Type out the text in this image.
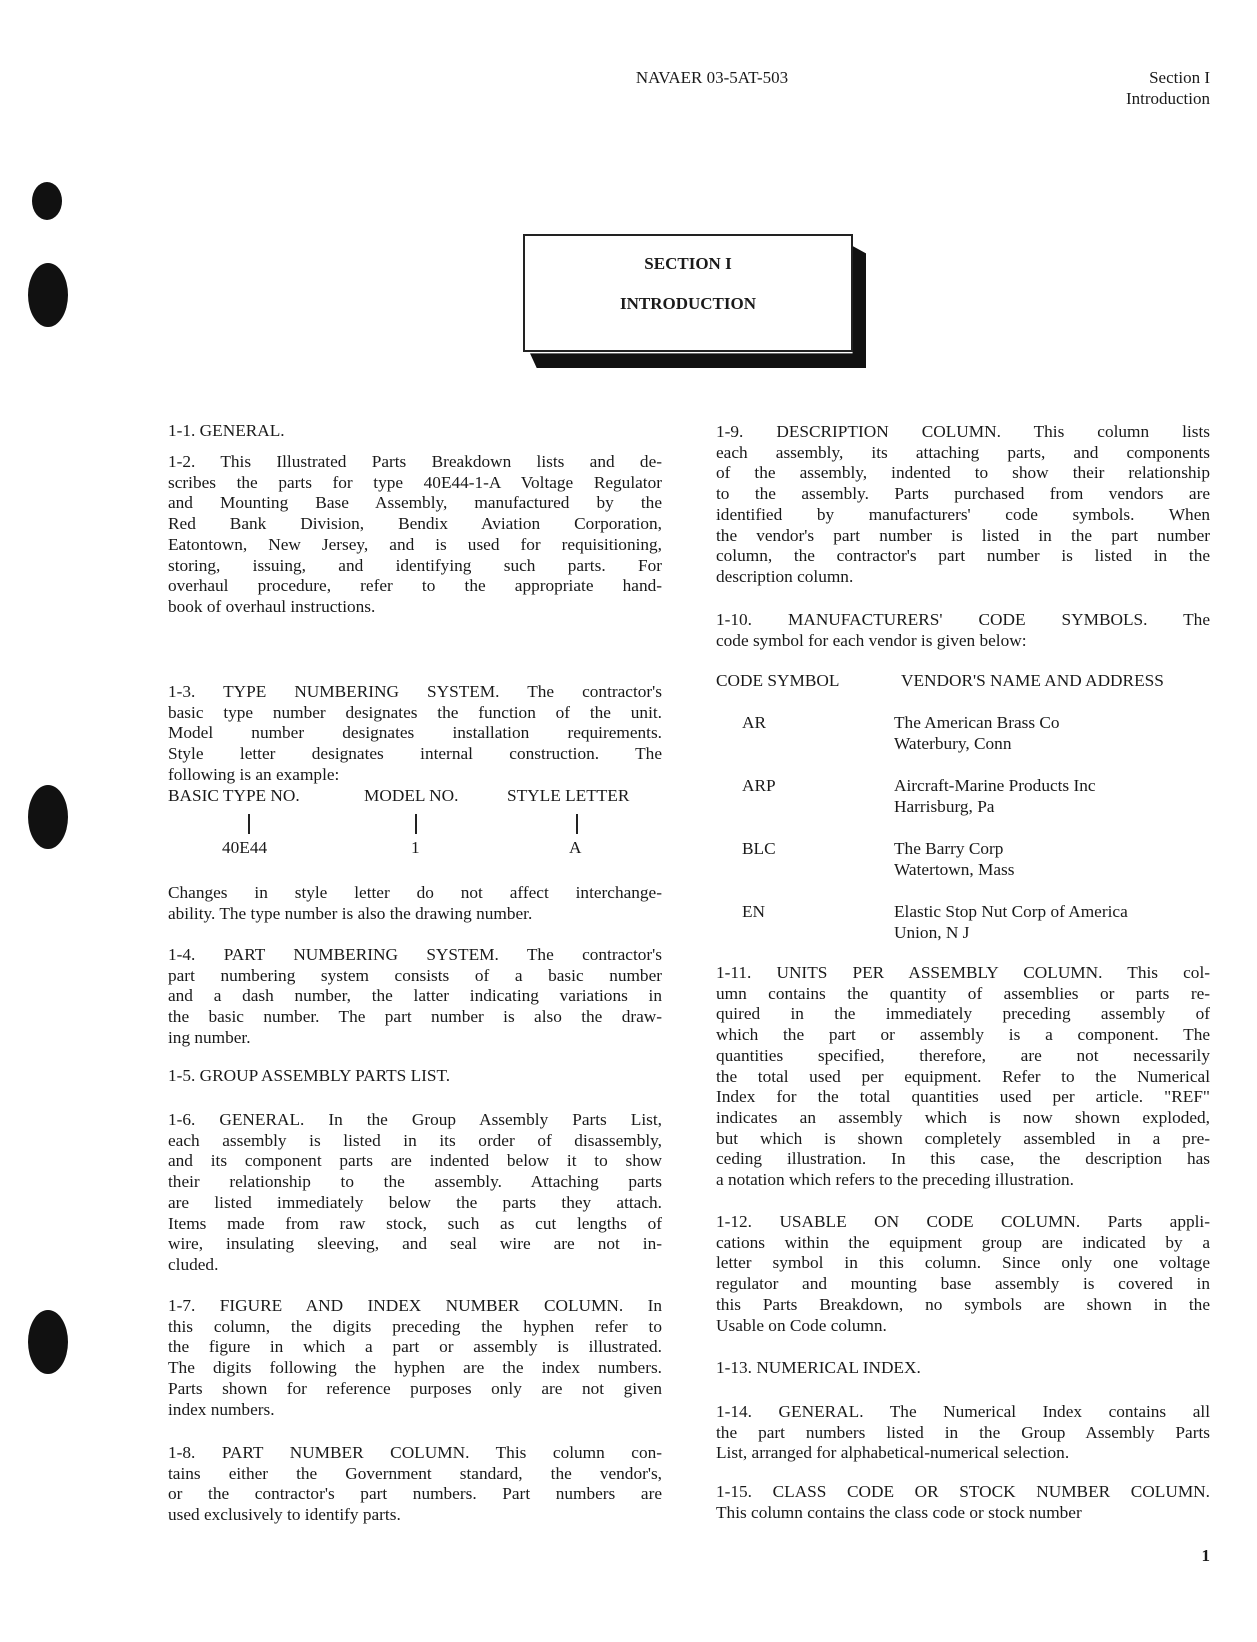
NAVAER 03-5AT-503	Section I
Introduction
SECTION I
INTRODUCTION
1-1. GENERAL.
1-2. This Illustrated Parts Breakdown lists and de-
scribes the parts for type 40E44-1-A Voltage Regulator
and Mounting Base Assembly, manufactured by the
Red Bank Division, Bendix Aviation Corporation,
Eatontown, New Jersey, and is used for requisitioning,
storing, issuing, and identifying such parts. For
overhaul procedure, refer to the appropriate hand-
book of overhaul instructions.
1-3. TYPE NUMBERING SYSTEM. The contractor's
basic type number designates the function of the unit.
Model number designates installation requirements.
Style letter designates internal construction. The
following is an example:
Changes in style letter do not affect interchange-
ability. The type number is also the drawing number.
1-4. PART NUMBERING SYSTEM. The contractor's
part numbering system consists of a basic number
and a dash number, the latter indicating variations in
the basic number. The part number is also the draw-
ing number.
1-5. GROUP ASSEMBLY PARTS LIST.
1-6. GENERAL. In the Group Assembly Parts List,
each assembly is listed in its order of disassembly,
and its component parts are indented below it to show
their relationship to the assembly. Attaching parts
are listed immediately below the parts they attach.
Items made from raw stock, such as cut lengths of
wire, insulating sleeving, and seal wire are not in-
cluded.
1-7. FIGURE AND INDEX NUMBER COLUMN. In
this column, the digits preceding the hyphen refer to
the figure in which a part or assembly is illustrated.
The digits following the hyphen are the index numbers.
Parts shown for reference purposes only are not given
index numbers.
1-8. PART NUMBER COLUMN. This column con-
tains either the Government standard, the vendor's,
or the contractor's part numbers. Part numbers are
used exclusively to identify parts.
1-9. DESCRIPTION COLUMN. This column lists
each assembly, its attaching parts, and components
of the assembly, indented to show their relationship
to the assembly. Parts purchased from vendors are
identified by manufacturers' code symbols. When
the vendor's part number is listed in the part number
column, the contractor's part number is listed in the
description column.
1-10. MANUFACTURERS' CODE SYMBOLS. The
code symbol for each vendor is given below:
1-11. UNITS PER ASSEMBLY COLUMN. This col-
umn contains the quantity of assemblies or parts re-
quired in the immediately preceding assembly of
which the part or assembly is a component. The
quantities specified, therefore, are not necessarily
the total used per equipment. Refer to the Numerical
Index for the total quantities used per article. "REF"
indicates an assembly which is now shown exploded,
but which is shown completely assembled in a pre-
ceding illustration. In this case, the description has
a notation which refers to the preceding illustration.
1-12. USABLE ON CODE COLUMN. Parts appli-
cations within the equipment group are indicated by a
letter symbol in this column. Since only one voltage
regulator and mounting base assembly is covered in
this Parts Breakdown, no symbols are shown in the
Usable on Code column.
1-13. NUMERICAL INDEX.
1-14. GENERAL. The Numerical Index contains all
the part numbers listed in the Group Assembly Parts
List, arranged for alphabetical-numerical selection.
1-15. CLASS CODE OR STOCK NUMBER COLUMN.
This column contains the class code or stock number
BASIC TYPE NO.	MODEL NO.	STYLE LETTER
40E44	1	A
CODE SYMBOL	VENDOR'S NAME AND ADDRESS
AR	The American Brass Co
Waterbury, Conn
ARP	Aircraft-Marine Products Inc
Harrisburg, Pa
BLC	The Barry Corp
Watertown, Mass
EN	Elastic Stop Nut Corp of America
Union, N J
1
